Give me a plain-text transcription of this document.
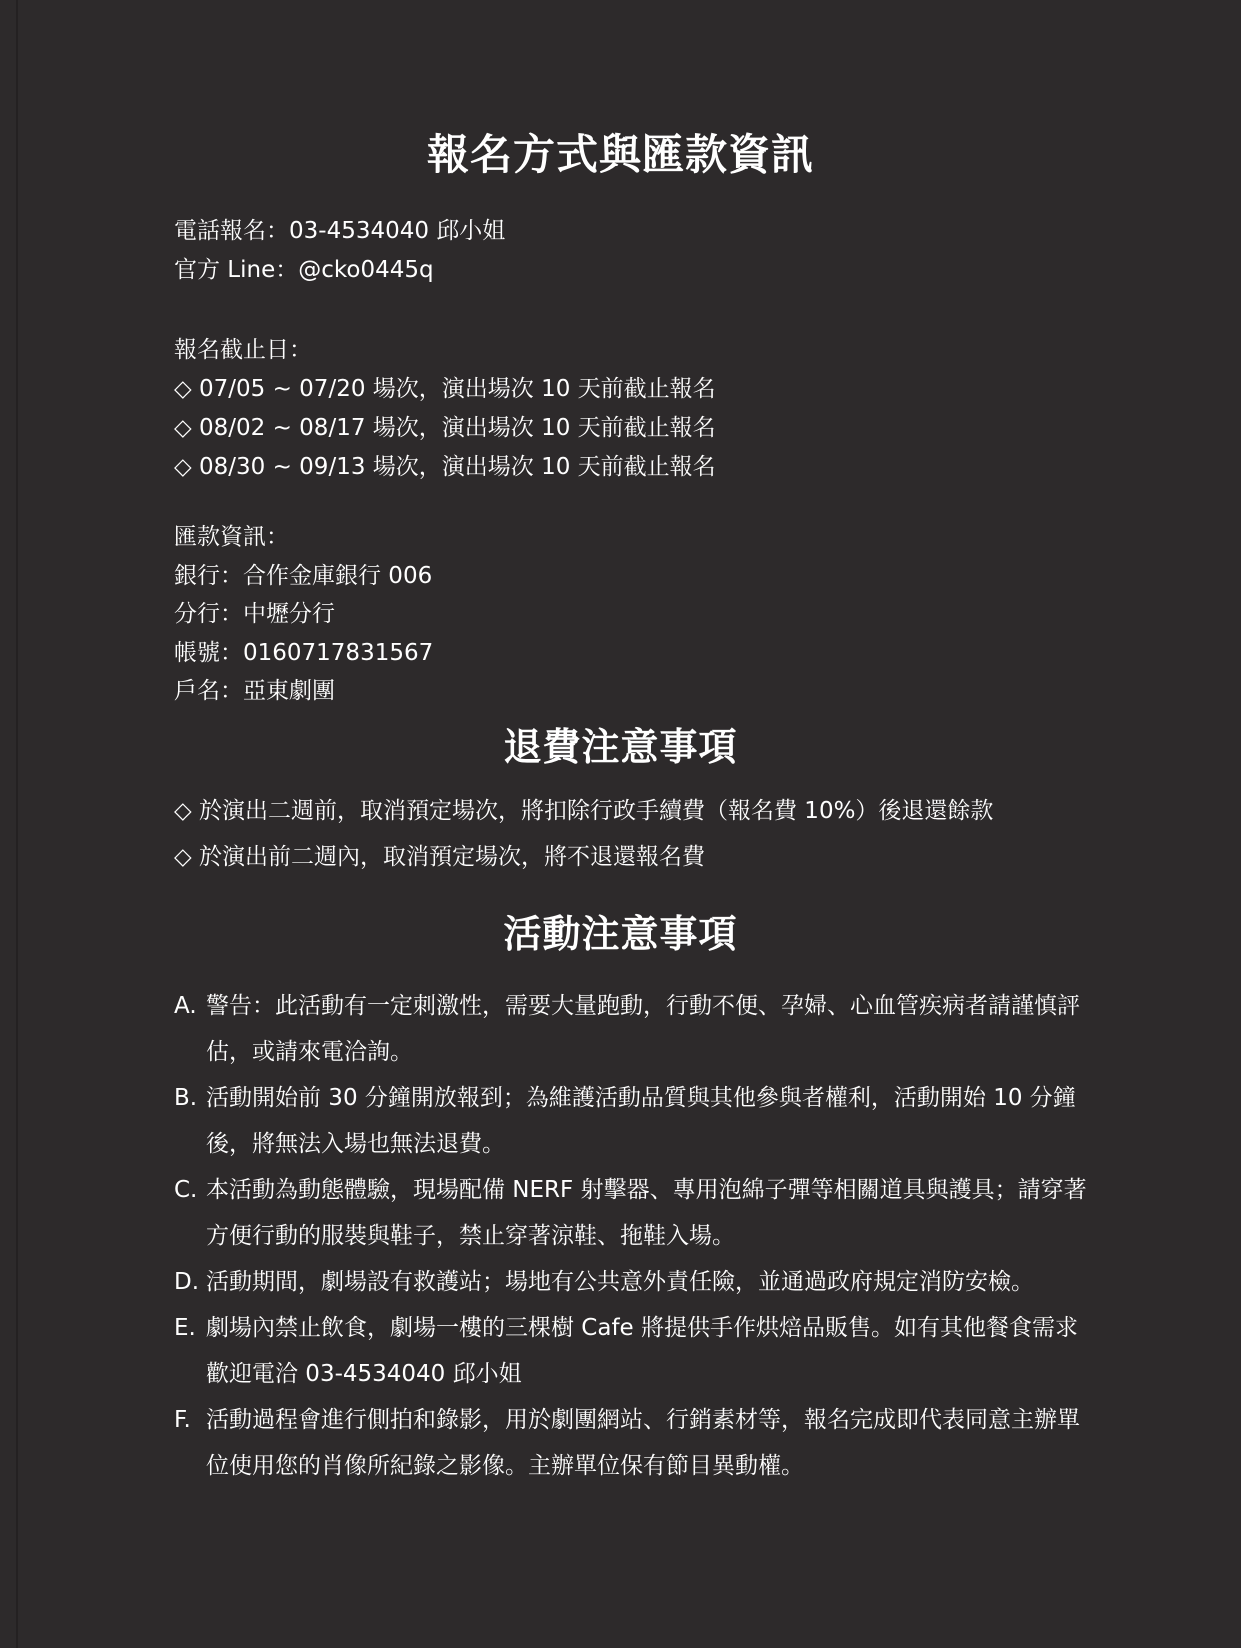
報名方式與匯款資訊
電話報名：03-4534040 邱小姐
官方 Line：@cko0445q
報名截止日：
◇ 07/05 ~ 07/20 場次，演出場次 10 天前截止報名
◇ 08/02 ~ 08/17 場次，演出場次 10 天前截止報名
◇ 08/30 ~ 09/13 場次，演出場次 10 天前截止報名
匯款資訊：
銀行：合作金庫銀行 006
分行：中壢分行
帳號：0160717831567
戶名：亞東劇團
退費注意事項
◇ 於演出二週前，取消預定場次，將扣除行政手續費（報名費 10%）後退還餘款
◇ 於演出前二週內，取消預定場次，將不退還報名費
活動注意事項
A. 警告：此活動有一定刺激性，需要大量跑動，行動不便、孕婦、心血管疾病者請謹慎評估，或請來電洽詢。
B. 活動開始前 30 分鐘開放報到；為維護活動品質與其他參與者權利，活動開始 10 分鐘後，將無法入場也無法退費。
C. 本活動為動態體驗，現場配備 NERF 射擊器、專用泡綿子彈等相關道具與護具；請穿著方便行動的服裝與鞋子，禁止穿著涼鞋、拖鞋入場。
D. 活動期間，劇場設有救護站；場地有公共意外責任險，並通過政府規定消防安檢。
E. 劇場內禁止飲食，劇場一樓的三棵樹 Cafe 將提供手作烘焙品販售。如有其他餐食需求歡迎電洽 03-4534040 邱小姐
F. 活動過程會進行側拍和錄影，用於劇團網站、行銷素材等，報名完成即代表同意主辦單位使用您的肖像所紀錄之影像。主辦單位保有節目異動權。
